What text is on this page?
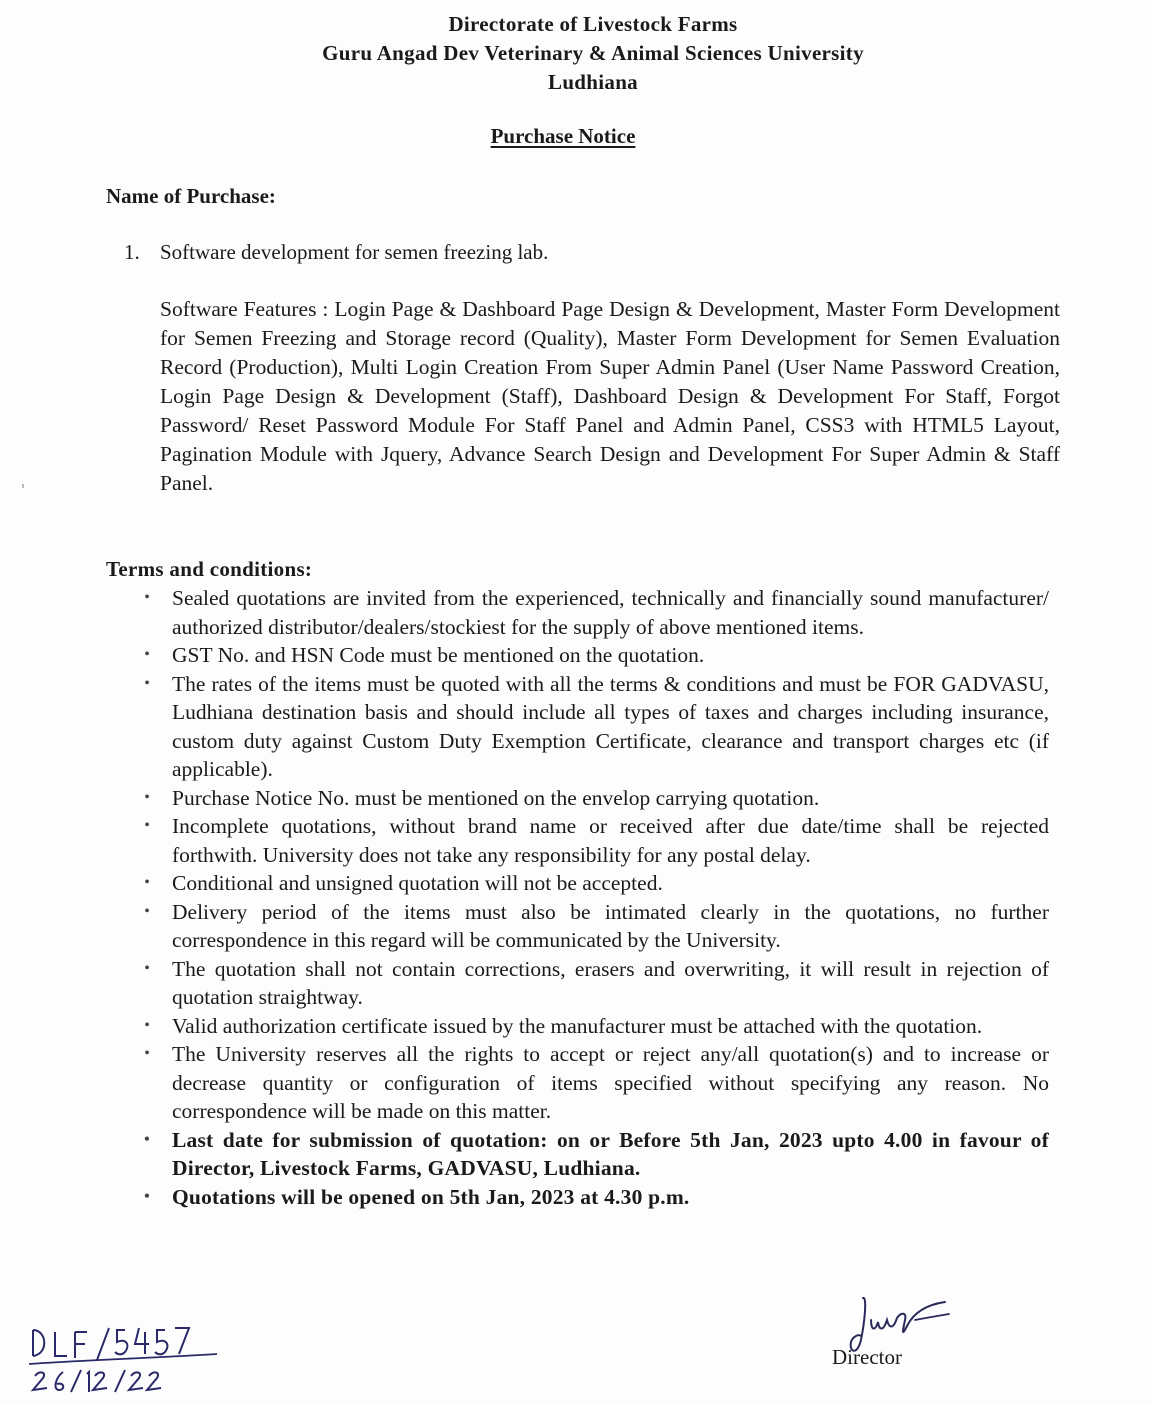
Directorate of Livestock Farms
Guru Angad Dev Veterinary & Animal Sciences University
Ludhiana
Purchase Notice
Name of Purchase:
1. Software development for semen freezing lab.
Software Features : Login Page & Dashboard Page Design & Development, Master Form Development for Semen Freezing and Storage record (Quality), Master Form Development for Semen Evaluation Record (Production), Multi Login Creation From Super Admin Panel (User Name Password Creation, Login Page Design & Development (Staff), Dashboard Design & Development For Staff, Forgot Password/ Reset Password Module For Staff Panel and Admin Panel, CSS3 with HTML5 Layout, Pagination Module with Jquery, Advance Search Design and Development For Super Admin & Staff Panel.
Terms and conditions:
•	Sealed quotations are invited from the experienced, technically and financially sound manufacturer/ authorized distributor/dealers/stockiest for the supply of above mentioned items.
•	GST No. and HSN Code must be mentioned on the quotation.
•	The rates of the items must be quoted with all the terms & conditions and must be FOR GADVASU, Ludhiana destination basis and should include all types of taxes and charges including insurance, custom duty against Custom Duty Exemption Certificate, clearance and transport charges etc (if applicable).
•	Purchase Notice No. must be mentioned on the envelop carrying quotation.
•	Incomplete quotations, without brand name or received after due date/time shall be rejected forthwith. University does not take any responsibility for any postal delay.
•	Conditional and unsigned quotation will not be accepted.
•	Delivery period of the items must also be intimated clearly in the quotations, no further correspondence in this regard will be communicated by the University.
•	The quotation shall not contain corrections, erasers and overwriting, it will result in rejection of quotation straightway.
•	Valid authorization certificate issued by the manufacturer must be attached with the quotation.
•	The University reserves all the rights to accept or reject any/all quotation(s) and to increase or decrease quantity or configuration of items specified without specifying any reason. No correspondence will be made on this matter.
•	Last date for submission of quotation: on or Before 5th Jan, 2023 upto 4.00 in favour of Director, Livestock Farms, GADVASU, Ludhiana.
•	Quotations will be opened on 5th Jan, 2023 at 4.30 p.m.
Director
